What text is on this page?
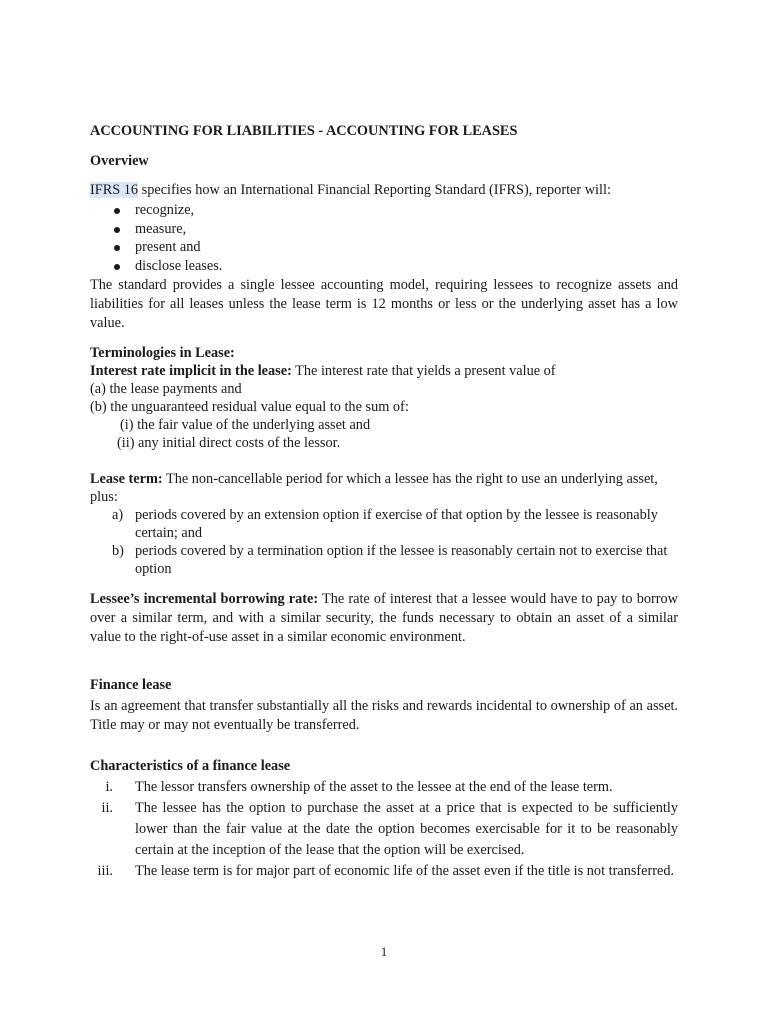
ACCOUNTING FOR LIABILITIES - ACCOUNTING FOR LEASES

Overview

IFRS 16 specifies how an International Financial Reporting Standard (IFRS), reporter will:

recognize,
measure,
present and
disclose leases.

The standard provides a single lessee accounting model, requiring lessees to recognize assets and liabilities for all leases unless the lease term is 12 months or less or the underlying asset has a low value.

Terminologies in Lease:

Interest rate implicit in the lease: The interest rate that yields a present value of

(a) the lease payments and

(b) the unguaranteed residual value equal to the sum of:

(i) the fair value of the underlying asset and

(ii) any initial direct costs of the lessor.

Lease term: The non-cancellable period for which a lessee has the right to use an underlying asset, plus:

a) periods covered by an extension option if exercise of that option by the lessee is reasonably certain; and
b) periods covered by a termination option if the lessee is reasonably certain not to exercise that option

Lessee’s incremental borrowing rate: The rate of interest that a lessee would have to pay to borrow over a similar term, and with a similar security, the funds necessary to obtain an asset of a similar value to the right-of-use asset in a similar economic environment.

Finance lease

Is an agreement that transfer substantially all the risks and rewards incidental to ownership of an asset. Title may or may not eventually be transferred.

Characteristics of a finance lease

i. The lessor transfers ownership of the asset to the lessee at the end of the lease term.
ii. The lessee has the option to purchase the asset at a price that is expected to be sufficiently lower than the fair value at the date the option becomes exercisable for it to be reasonably certain at the inception of the lease that the option will be exercised.
iii. The lease term is for major part of economic life of the asset even if the title is not transferred.
1
